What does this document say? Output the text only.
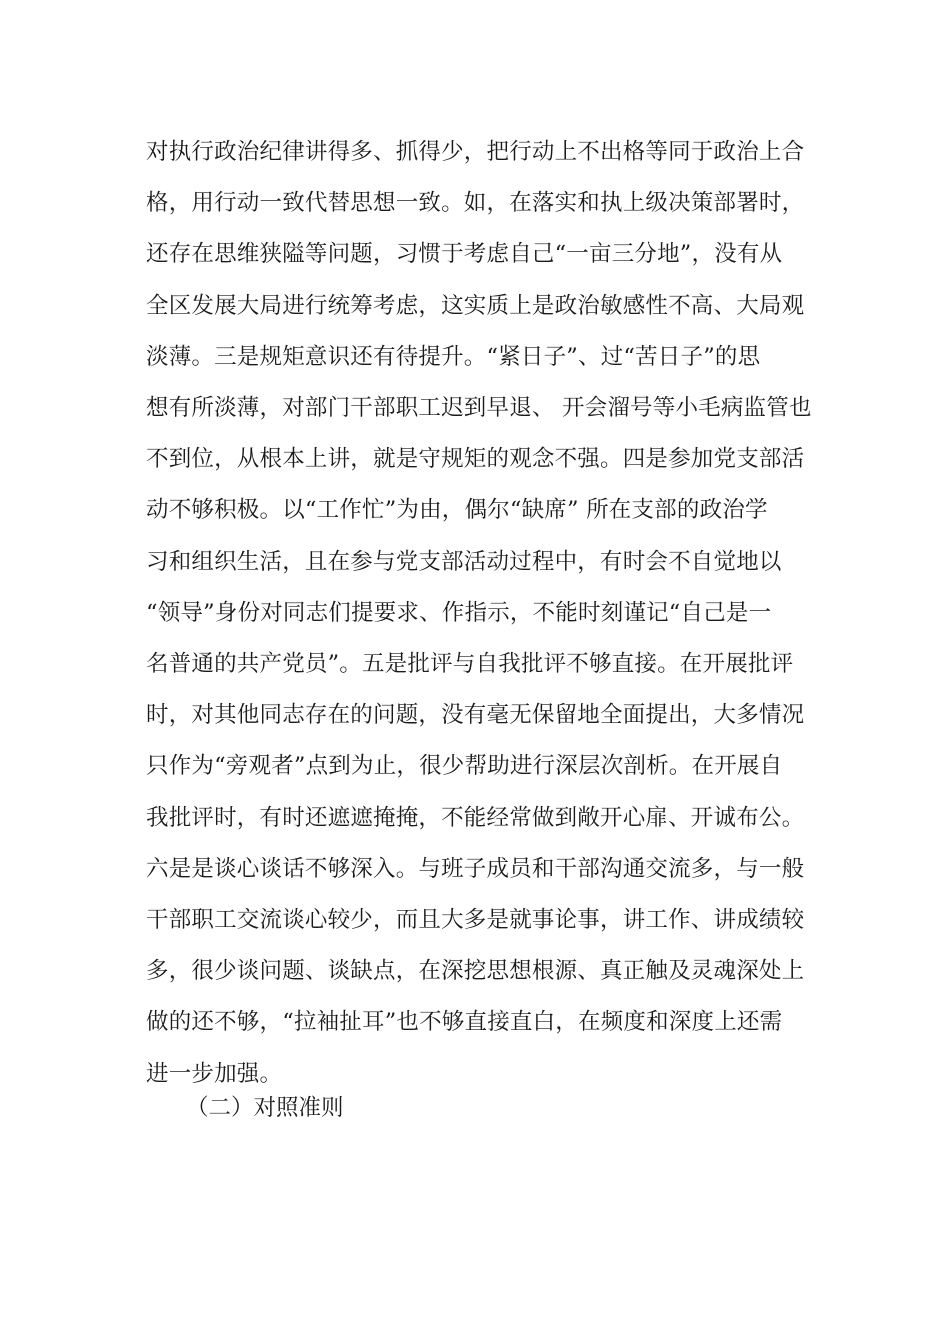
对执行政治纪律讲得多、抓得少，把行动上不出格等同于政治上合
格，用行动一致代替思想一致。如，在落实和执上级决策部署时，
还存在思维狭隘等问题，习惯于考虑自己“一亩三分地”，没有从
全区发展大局进行统筹考虑，这实质上是政治敏感性不高、大局观
淡薄。三是规矩意识还有待提升。“紧日子”、过“苦日子”的思
想有所淡薄，对部门干部职工迟到早退、 开会溜号等小毛病监管也
不到位，从根本上讲，就是守规矩的观念不强。四是参加党支部活
动不够积极。以“工作忙”为由，偶尔“缺席” 所在支部的政治学
习和组织生活，且在参与党支部活动过程中，有时会不自觉地以
“领导”身份对同志们提要求、作指示，不能时刻谨记“自己是一
名普通的共产党员”。五是批评与自我批评不够直接。在开展批评
时，对其他同志存在的问题，没有毫无保留地全面提出，大多情况
只作为“旁观者”点到为止，很少帮助进行深层次剖析。在开展自
我批评时，有时还遮遮掩掩，不能经常做到敞开心扉、开诚布公。
六是是谈心谈话不够深入。与班子成员和干部沟通交流多，与一般
干部职工交流谈心较少，而且大多是就事论事，讲工作、讲成绩较
多，很少谈问题、谈缺点，在深挖思想根源、真正触及灵魂深处上
做的还不够，“拉袖扯耳”也不够直接直白，在频度和深度上还需
进一步加强。
（二）对照准则
